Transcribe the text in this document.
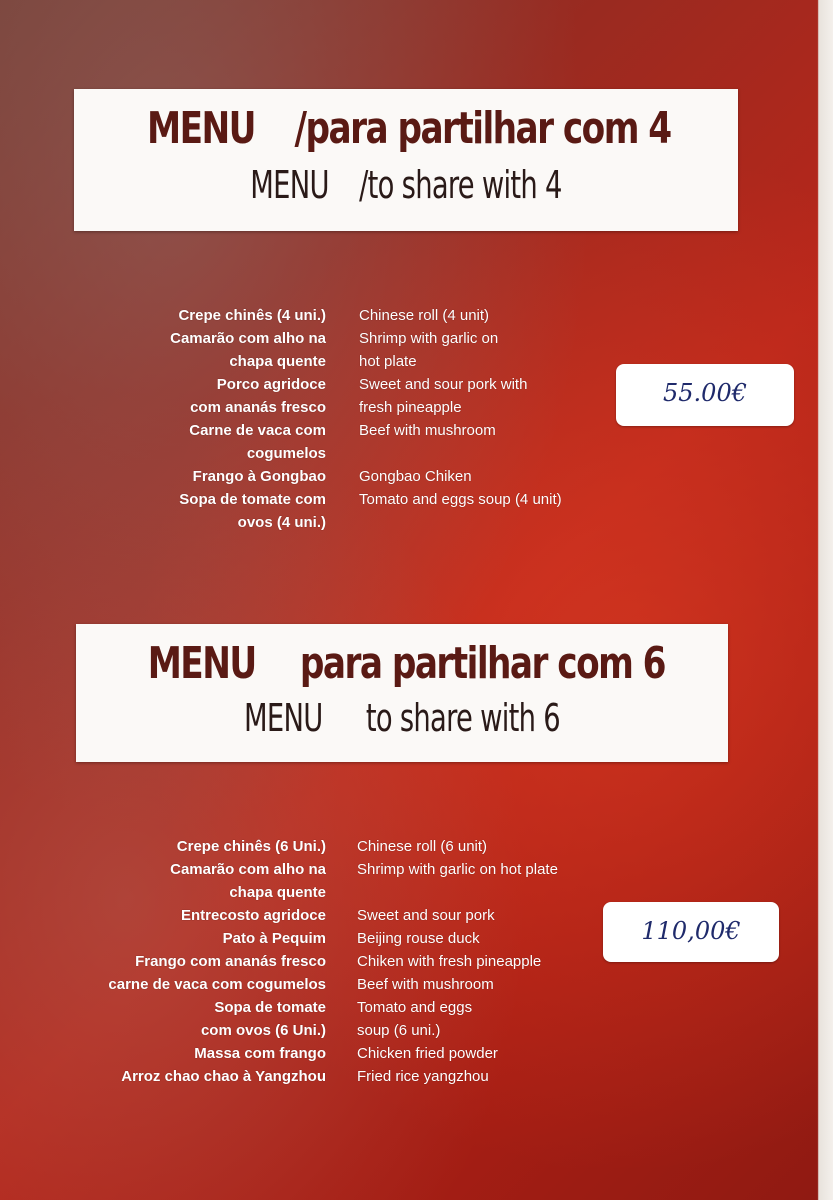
MENU /para partilhar com 4
MENU /to share with 4
Crepe chinês (4 uni.) Chinese roll (4 unit)
Camarão com alho na Shrimp with garlic on
chapa quente hot plate
Porco agridoce Sweet and sour pork with
com ananás fresco fresh pineapple
Carne de vaca com Beef with mushroom
cogumelos
Frango à Gongbao Gongbao Chiken
Sopa de tomate com Tomato and eggs soup (4 unit)
ovos (4 uni.)
55.00€
MENU para partilhar com 6
MENU to share with 6
Crepe chinês (6 Uni.) Chinese roll (6 unit)
Camarão com alho na Shrimp with garlic on hot plate
chapa quente
Entrecosto agridoce Sweet and sour pork
Pato à Pequim Beijing rouse duck
Frango com ananás fresco Chiken with fresh pineapple
carne de vaca com cogumelos Beef with mushroom
Sopa de tomate Tomato and eggs
com ovos (6 Uni.) soup (6 uni.)
Massa com frango Chicken fried powder
Arroz chao chao à Yangzhou Fried rice yangzhou
110,00€
